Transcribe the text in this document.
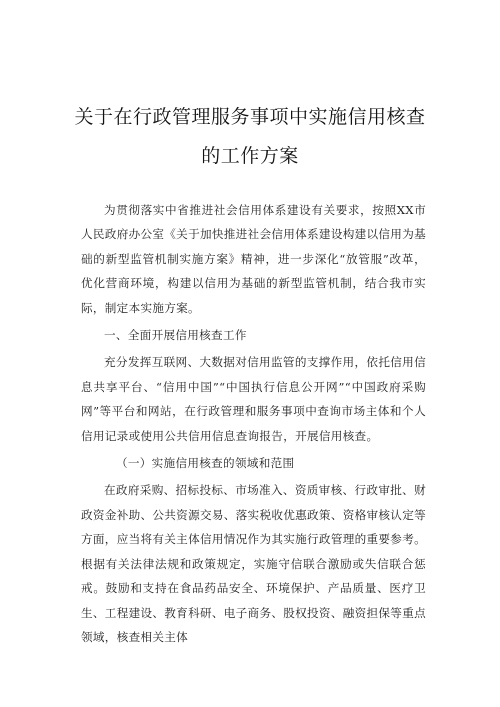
关于在行政管理服务事项中实施信用核查
的工作方案

为贯彻落实中省推进社会信用体系建设有关要求，按照XX市人民政府办公室《关于加快推进社会信用体系建设构建以信用为基础的新型监管机制实施方案》精神，进一步深化“放管服”改革，优化营商环境，构建以信用为基础的新型监管机制，结合我市实际，制定本实施方案。

一、全面开展信用核查工作

充分发挥互联网、大数据对信用监管的支撑作用，依托信用信息共享平台、“信用中国”“中国执行信息公开网”“中国政府采购网”等平台和网站，在行政管理和服务事项中查询市场主体和个人信用记录或使用公共信用信息查询报告，开展信用核查。

（一）实施信用核查的领域和范围

在政府采购、招标投标、市场准入、资质审核、行政审批、财政资金补助、公共资源交易、落实税收优惠政策、资格审核认定等方面，应当将有关主体信用情况作为其实施行政管理的重要参考。根据有关法律法规和政策规定，实施守信联合激励或失信联合惩戒。鼓励和支持在食品药品安全、环境保护、产品质量、医疗卫生、工程建设、教育科研、电子商务、股权投资、融资担保等重点领域，核查相关主体
